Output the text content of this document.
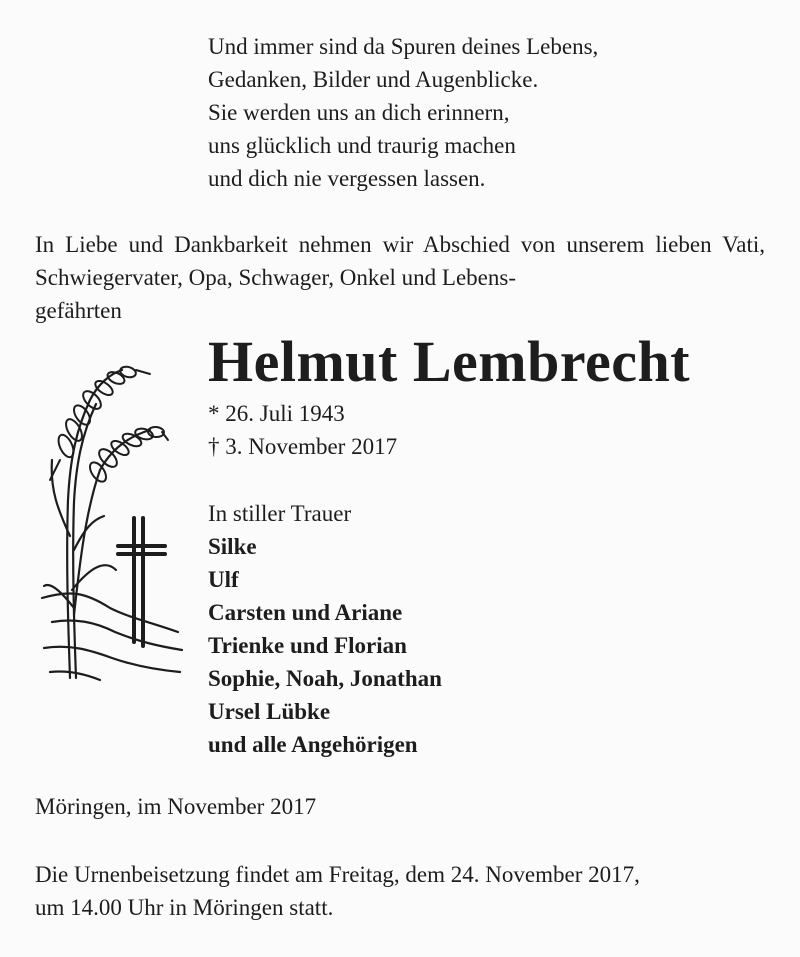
Und immer sind da Spuren deines Lebens,
Gedanken, Bilder und Augenblicke.
Sie werden uns an dich erinnern,
uns glücklich und traurig machen
und dich nie vergessen lassen.

In Liebe und Dankbarkeit nehmen wir Abschied von unserem lieben Vati, Schwiegervater, Opa, Schwager, Onkel und Lebens-

gefährten
Helmut Lembrecht
* 26. Juli 1943
† 3. November 2017
In stiller Trauer
Silke
Ulf
Carsten und Ariane
Trienke und Florian
Sophie, Noah, Jonathan
Ursel Lübke
und alle Angehörigen
Möringen, im November 2017
Die Urnenbeisetzung findet am Freitag, dem 24. November 2017,
um 14.00 Uhr in Möringen statt.
